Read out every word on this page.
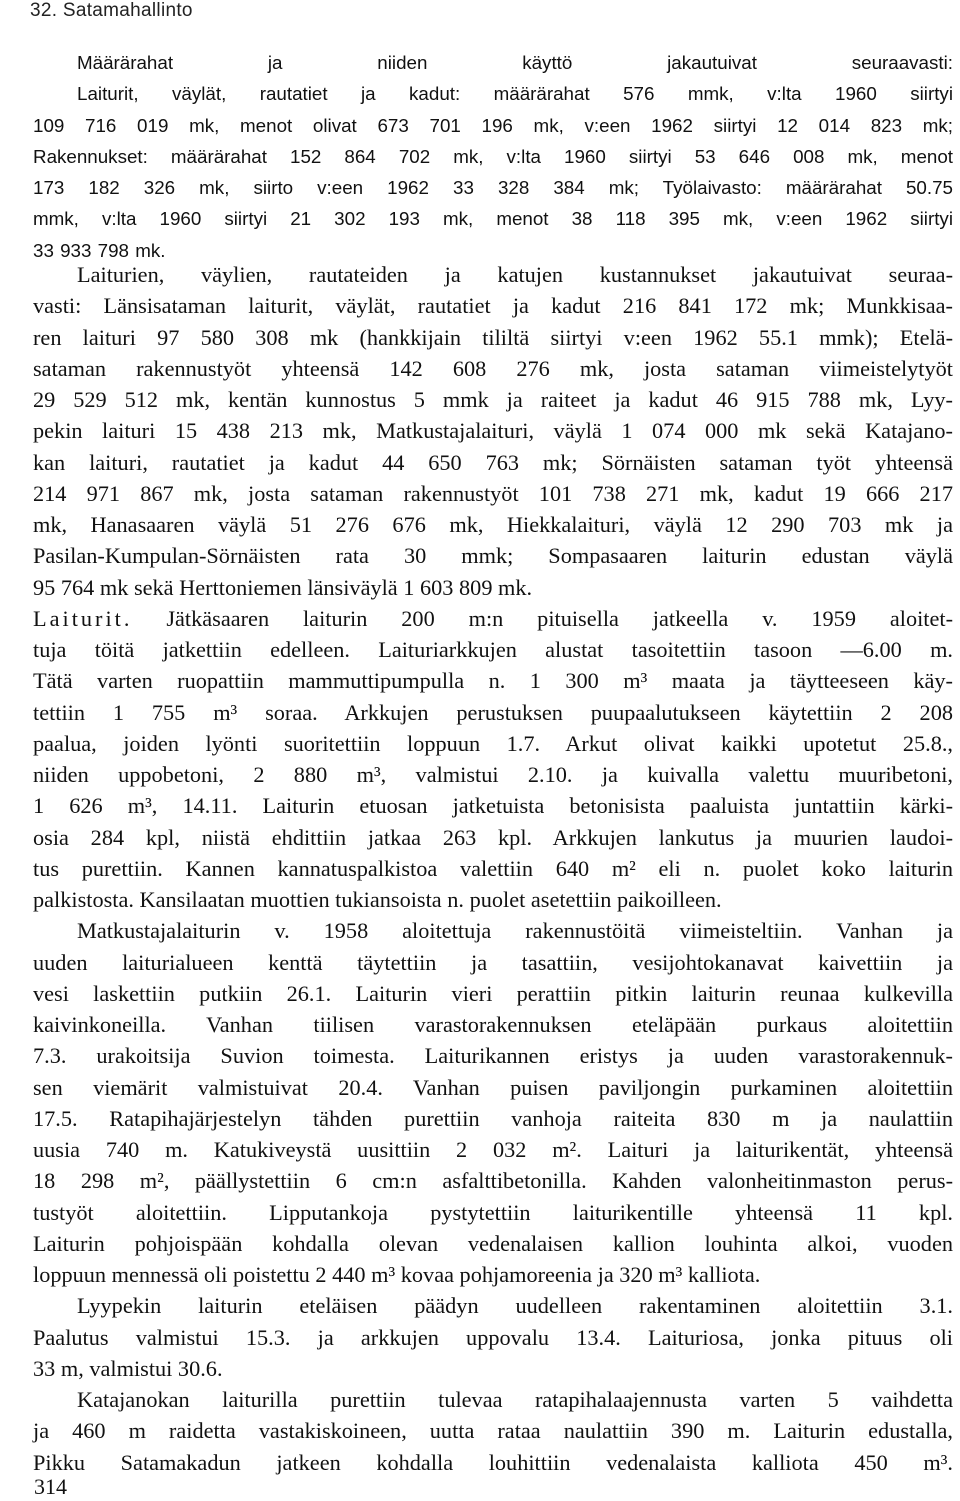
32. Satamahallinto
Määrärahat ja niiden käyttö jakautuivat seuraavasti:
Laiturit, väylät, rautatiet ja kadut: määrärahat 576 mmk, v:lta 1960 siirtyi
109 716 019 mk, menot olivat 673 701 196 mk, v:een 1962 siirtyi 12 014 823 mk;
Rakennukset: määrärahat 152 864 702 mk, v:lta 1960 siirtyi 53 646 008 mk, menot
173 182 326 mk, siirto v:een 1962 33 328 384 mk; Työlaivasto: määrärahat 50.75
mmk, v:lta 1960 siirtyi 21 302 193 mk, menot 38 118 395 mk, v:een 1962 siirtyi
33 933 798 mk.
Laiturien, väylien, rautateiden ja katujen kustannukset jakautuivat seuraa-
vasti: Länsisataman laiturit, väylät, rautatiet ja kadut 216 841 172 mk; Munkkisaa-
ren laituri 97 580 308 mk (hankkijain tililtä siirtyi v:een 1962 55.1 mmk); Etelä-
sataman rakennustyöt yhteensä 142 608 276 mk, josta sataman viimeistelytyöt
29 529 512 mk, kentän kunnostus 5 mmk ja raiteet ja kadut 46 915 788 mk, Lyy-
pekin laituri 15 438 213 mk, Matkustajalaituri, väylä 1 074 000 mk sekä Katajano-
kan laituri, rautatiet ja kadut 44 650 763 mk; Sörnäisten sataman työt yhteensä
214 971 867 mk, josta sataman rakennustyöt 101 738 271 mk, kadut 19 666 217
mk, Hanasaaren väylä 51 276 676 mk, Hiekkalaituri, väylä 12 290 703 mk ja
Pasilan-Kumpulan-Sörnäisten rata 30 mmk; Sompasaaren laiturin edustan väylä
95 764 mk sekä Herttoniemen länsiväylä 1 603 809 mk.
Laiturit. Jätkäsaaren laiturin 200 m:n pituisella jatkeella v. 1959 aloitet-
tuja töitä jatkettiin edelleen. Laituriarkkujen alustat tasoitettiin tasoon —6.00 m.
Tätä varten ruopattiin mammuttipumpulla n. 1 300 m³ maata ja täytteeseen käy-
tettiin 1 755 m³ soraa. Arkkujen perustuksen puupaalutukseen käytettiin 2 208
paalua, joiden lyönti suoritettiin loppuun 1.7. Arkut olivat kaikki upotetut 25.8.,
niiden uppobetoni, 2 880 m³, valmistui 2.10. ja kuivalla valettu muuribetoni,
1 626 m³, 14.11. Laiturin etuosan jatketuista betonisista paaluista juntattiin kärki-
osia 284 kpl, niistä ehdittiin jatkaa 263 kpl. Arkkujen lankutus ja muurien laudoi-
tus purettiin. Kannen kannatuspalkistoa valettiin 640 m² eli n. puolet koko laiturin
palkistosta. Kansilaatan muottien tukiansoista n. puolet asetettiin paikoilleen.
Matkustajalaiturin v. 1958 aloitettuja rakennustöitä viimeisteltiin. Vanhan ja
uuden laiturialueen kenttä täytettiin ja tasattiin, vesijohtokanavat kaivettiin ja
vesi laskettiin putkiin 26.1. Laiturin vieri perattiin pitkin laiturin reunaa kulkevilla
kaivinkoneilla. Vanhan tiilisen varastorakennuksen eteläpään purkaus aloitettiin
7.3. urakoitsija Suvion toimesta. Laiturikannen eristys ja uuden varastorakennuk-
sen viemärit valmistuivat 20.4. Vanhan puisen paviljongin purkaminen aloitettiin
17.5. Ratapihajärjestelyn tähden purettiin vanhoja raiteita 830 m ja naulattiin
uusia 740 m. Katukiveystä uusittiin 2 032 m². Laituri ja laiturikentät, yhteensä
18 298 m², päällystettiin 6 cm:n asfalttibetonilla. Kahden valonheitinmaston perus-
tustyöt aloitettiin. Lipputankoja pystytettiin laiturikentille yhteensä 11 kpl.
Laiturin pohjoispään kohdalla olevan vedenalaisen kallion louhinta alkoi, vuoden
loppuun mennessä oli poistettu 2 440 m³ kovaa pohjamoreenia ja 320 m³ kalliota.
Lyypekin laiturin eteläisen päädyn uudelleen rakentaminen aloitettiin 3.1.
Paalutus valmistui 15.3. ja arkkujen uppovalu 13.4. Laituriosa, jonka pituus oli
33 m, valmistui 30.6.
Katajanokan laiturilla purettiin tulevaa ratapihalaajennusta varten 5 vaihdetta
ja 460 m raidetta vastakiskoineen, uutta rataa naulattiin 390 m. Laiturin edustalla,
Pikku Satamakadun jatkeen kohdalla louhittiin vedenalaista kalliota 450 m³.
314
